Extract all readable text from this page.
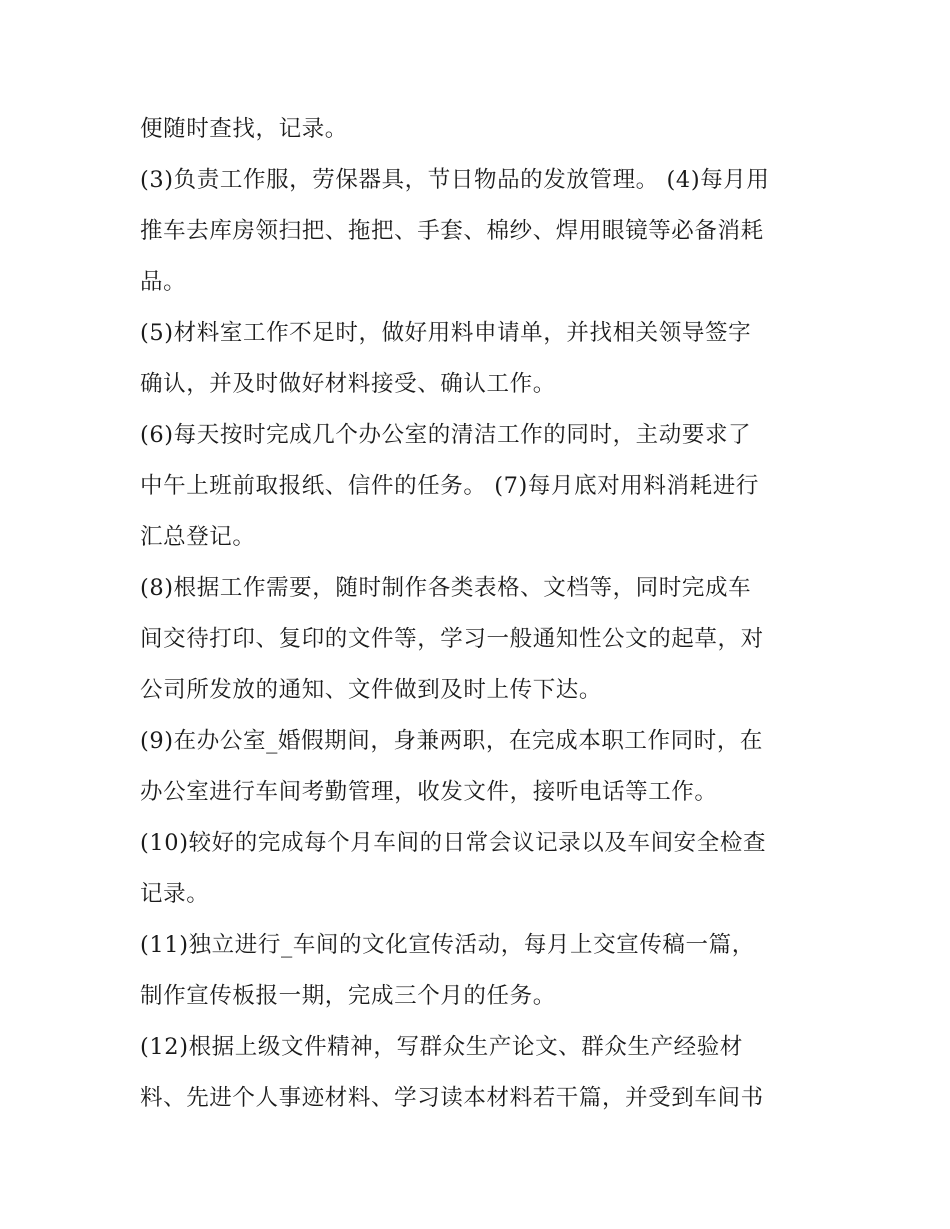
便随时查找，记录。
(3)负责工作服，劳保器具，节日物品的发放管理。 (4)每月用
推车去库房领扫把、拖把、手套、棉纱、焊用眼镜等必备消耗
品。
(5)材料室工作不足时，做好用料申请单，并找相关领导签字
确认，并及时做好材料接受、确认工作。
(6)每天按时完成几个办公室的清洁工作的同时，主动要求了
中午上班前取报纸、信件的任务。 (7)每月底对用料消耗进行
汇总登记。
(8)根据工作需要，随时制作各类表格、文档等，同时完成车
间交待打印、复印的文件等，学习一般通知性公文的起草，对
公司所发放的通知、文件做到及时上传下达。
(9)在办公室_婚假期间，身兼两职，在完成本职工作同时，在
办公室进行车间考勤管理，收发文件，接听电话等工作。
(10)较好的完成每个月车间的日常会议记录以及车间安全检查
记录。
(11)独立进行_车间的文化宣传活动，每月上交宣传稿一篇，
制作宣传板报一期，完成三个月的任务。
(12)根据上级文件精神，写群众生产论文、群众生产经验材
料、先进个人事迹材料、学习读本材料若干篇，并受到车间书
